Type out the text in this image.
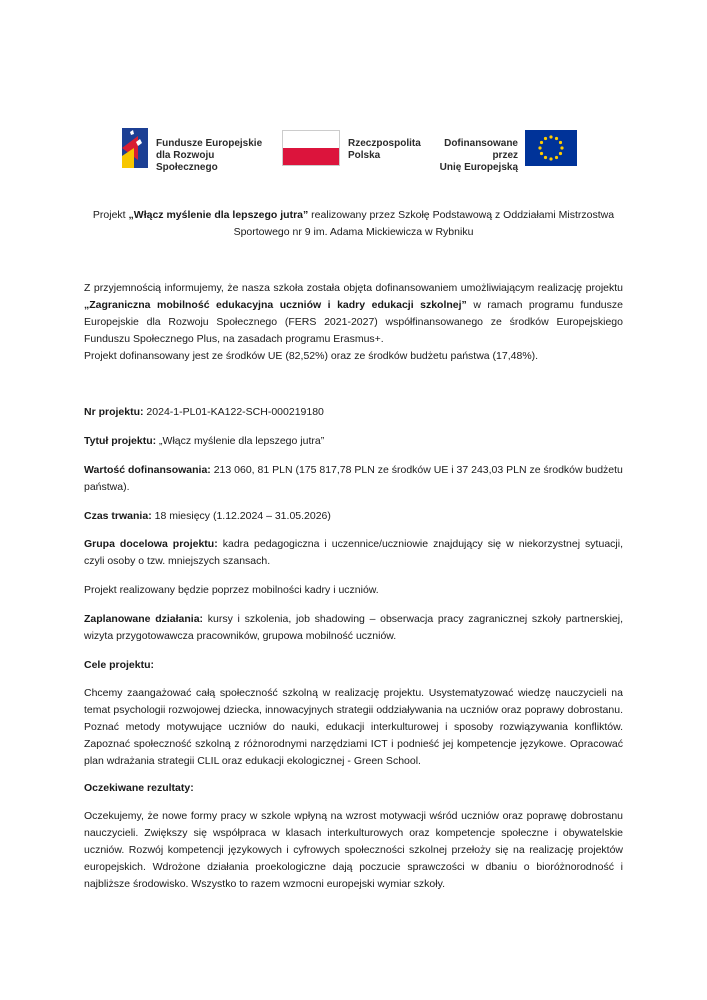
Fundusze Europejskie
dla Rozwoju Społecznego
Rzeczpospolita
Polska
Dofinansowane przez
Unię Europejską

Projekt „Włącz myślenie dla lepszego jutra” realizowany przez Szkołę Podstawową z Oddziałami Mistrzostwa

Sportowego nr 9 im. Adama Mickiewicza w Rybniku

Z przyjemnością informujemy, że nasza szkoła została objęta dofinansowaniem umożliwiającym realizację projektu „Zagraniczna mobilność edukacyjna uczniów i kadry edukacji szkolnej” w ramach programu fundusze Europejskie dla Rozwoju Społecznego (FERS 2021-2027) współfinansowanego ze środków Europejskiego Funduszu Społecznego Plus, na zasadach programu Erasmus+.

Projekt dofinansowany jest ze środków UE (82,52%) oraz ze środków budżetu państwa (17,48%).

Nr projektu: 2024-1-PL01-KA122-SCH-000219180

Tytuł projektu: „Włącz myślenie dla lepszego jutra”

Wartość dofinansowania: 213 060, 81 PLN (175 817,78 PLN ze środków UE i 37 243,03 PLN ze środków budżetu państwa).

Czas trwania: 18 miesięcy (1.12.2024 – 31.05.2026)

Grupa docelowa projektu: kadra pedagogiczna i uczennice/uczniowie znajdujący się w niekorzystnej sytuacji, czyli osoby o tzw. mniejszych szansach.

Projekt realizowany będzie poprzez mobilności kadry i uczniów.

Zaplanowane działania: kursy i szkolenia, job shadowing – obserwacja pracy zagranicznej szkoły partnerskiej, wizyta przygotowawcza pracowników, grupowa mobilność uczniów.

Cele projektu:

Chcemy zaangażować całą społeczność szkolną w realizację projektu. Usystematyzować wiedzę nauczycieli na temat psychologii rozwojowej dziecka, innowacyjnych strategii oddziaływania na uczniów oraz poprawy dobrostanu. Poznać metody motywujące uczniów do nauki, edukacji interkulturowej i sposoby rozwiązywania konfliktów. Zapoznać społeczność szkolną z różnorodnymi narzędziami ICT i podnieść jej kompetencje językowe. Opracować plan wdrażania strategii CLIL oraz edukacji ekologicznej - Green School.

Oczekiwane rezultaty:

Oczekujemy, że nowe formy pracy w szkole wpłyną na wzrost motywacji wśród uczniów oraz poprawę dobrostanu nauczycieli. Zwiększy się współpraca w klasach interkulturowych oraz kompetencje społeczne i obywatelskie uczniów. Rozwój kompetencji językowych i cyfrowych społeczności szkolnej przełoży się na realizację projektów europejskich. Wdrożone działania proekologiczne dają poczucie sprawczości w dbaniu o bioróżnorodność i najbliższe środowisko. Wszystko to razem wzmocni europejski wymiar szkoły.
